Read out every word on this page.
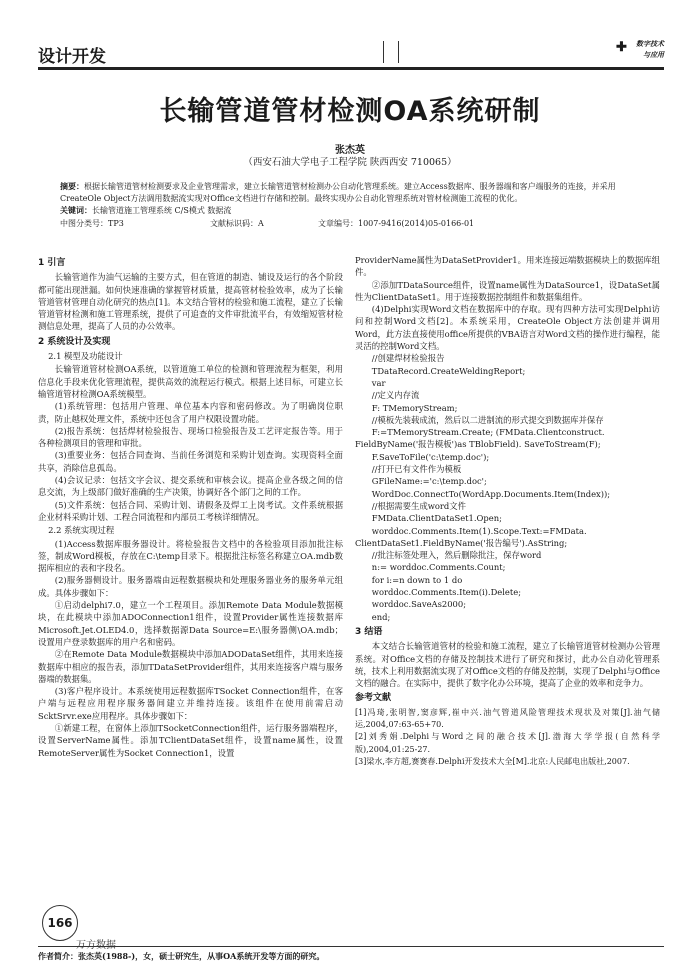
设计开发	✚	数字技术
与应用
长输管道管材检测OA系统研制
张杰英
（西安石油大学电子工程学院 陕西西安 710065）

摘要：根据长输管道管材检测要求及企业管理需求，建立长输管道管材检测办公自动化管理系统。建立Access数据库、服务器端和客户端服务的连接，并采用CreateOle Object方法调用数据流实现对Office文档进行存储和控制。最终实现办公自动化管理系统对管材检测施工流程的优化。

关键词：长输管道施工管理系统 C/S模式 数据流

中图分类号：TP3	文献标识码：A	文章编号：1007-9416(2014)05-0166-01
1 引言

长输管道作为油气运输的主要方式，但在管道的制造、铺设及运行的各个阶段都可能出现泄漏。如何快速准确的掌握管材质量，提高管材检验效率，成为了长输管道管材管理自动化研究的热点[1]。本文结合管材的检验和施工流程，建立了长输管道管材检测和施工管理系统，提供了可追查的文件审批流平台，有效缩短管材检测信息处理，提高了人员的办公效率。

2 系统设计及实现
2.1 模型及功能设计

长输管道管材检测OA系统，以管道施工单位的检测和管理流程为框架，利用信息化手段来优化管理流程，提供高效的流程运行模式。根据上述目标，可建立长输管道管材检测OA系统模型。

(1)系统管理：包括用户管理、单位基本内容和密码修改。为了明确岗位职责，防止越权处理文件，系统中还包含了用户权限设置功能。

(2)报告系统：包括焊材检验报告、现场口检验报告及工艺评定报告等。用于各种检测项目的管理和审批。

(3)重要业务：包括合同查询、当前任务浏览和采购计划查询。实现资料全面共享，消除信息孤岛。

(4)会议记录：包括文字会议、提交系统和审核会议。提高企业各级之间的信息交流，为上级部门做好准确的生产决策，协调好各个部门之间的工作。

(5)文件系统：包括合同、采购计划、请假条及焊工上岗考试。文件系统根据企业材料采购计划、工程合同流程和内部员工考核详细情况。

2.2 系统实现过程

(1)Access数据库服务器设计。将检验报告文档中的各检验项目添加批注标签，制成Word模板，存放在C:\temp目录下。根据批注标签名称建立OA.mdb数据库相应的表和字段名。

(2)服务器侧设计。服务器端由远程数据模块和处理服务器业务的服务单元组成。具体步骤如下：

①启动delphi7.0，建立一个工程项目。添加Remote Data Module数据模块，在此模块中添加ADOConnection1组件，设置Provider属性连接数据库Microsoft.Jet.OLED4.0，选择数据源Data Source=E:\服务器侧\OA.mdb；设置用户登录数据库的用户名和密码。

②在Remote Data Module数据模块中添加ADODataSet组件，其用来连接数据库中相应的报告表，添加TDataSetProvider组件，其用来连接客户端与服务器端的数据集。

(3)客户程序设计。本系统使用远程数据库TSocket Connection组件，在客户端与远程应用程序服务器间建立并维持连接。该组件在使用前需启动ScktSrvr.exe应用程序。具体步骤如下：

①新建工程，在窗体上添加TSocketConnection组件，运行服务器端程序，设置ServerName属性。添加TClientDataSet组件，设置name属性，设置RemoteServer属性为Socket Connection1，设置

ProviderName属性为DataSetProvider1。用来连接远端数据模块上的数据库组件。

②添加TDataSource组件，设置name属性为DataSource1，设DataSet属性为ClientDataSet1。用于连接数据控制组件和数据集组件。

(4)Delphi实现Word文档在数据库中的存取。现有四种方法可实现Delphi访问和控制Word文档[2]。本系统采用，CreateOle Object方法创建并调用Word，此方法直接使用office所提供的VBA语言对Word文档的操作进行编程，能灵活的控制Word文档。

//创建焊材检验报告

TDataRecord.CreateWeldingReport;

var

//定义内存流

F: TMemoryStream;

//模板先装载成流，然后以二进制流的形式提交到数据库并保存

F:=TMemoryStream.Create; (FMData.Clientconstruct.

FieldByName('报告模板')as TBlobField). SaveToStream(F);

F.SaveToFile('c:\temp.doc');

//打开已有文件作为模板

GFileName:='c:\temp.doc';

WordDoc.ConnectTo(WordApp.Documents.Item(Index));

//根据需要生成word文件

FMData.ClientDataSet1.Open;

worddoc.Comments.Item(1).Scope.Text:=FMData.

ClientDataSet1.FieldByName('报告编号').AsString;

//批注标签处理入，然后删除批注，保存word

n:= worddoc.Comments.Count;

for i:=n down to 1 do

worddoc.Comments.Item(i).Delete;

worddoc.SaveAs2000;

end;

3 结语

本文结合长输管道管材的检验和施工流程，建立了长输管道管材检测办公管理系统。对Office文档的存储及控制技术进行了研究和探讨，此办公自动化管理系统，技术上利用数据流实现了对Office文档的存储及控制，实现了Delphi与Office文档的融合。在实际中，提供了数字化办公环境，提高了企业的效率和竞争力。

参考文献

[1]冯琦,张明智,窦彦辉,崔中兴.油气管道风险管理技术现状及对策[J].油气储运,2004,07:63-65+70.

[2]刘秀娟.Delphi与Word之间的融合技术[J].渤海大学学报(自然科学版),2004,01:25-27.

[3]梁水,李方超,赛赛春.Delphi开发技术大全[M].北京:人民邮电出版社,2007.

166
作者简介：张杰英(1988-)，女，硕士研究生，从事OA系统开发等方面的研究。
万方数据
